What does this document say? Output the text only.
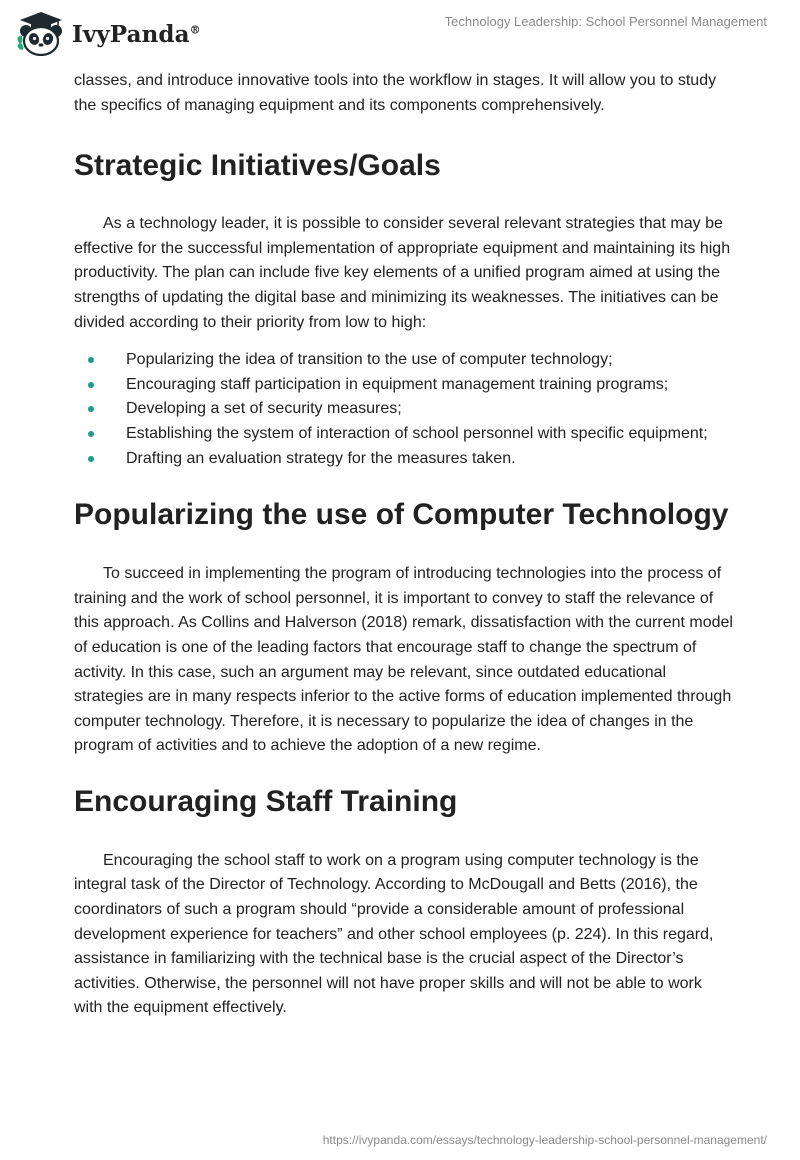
IvyPanda®
Technology Leadership: School Personnel Management

classes, and introduce innovative tools into the workflow in stages. It will allow you to study the specifics of managing equipment and its components comprehensively.

Strategic Initiatives/Goals

As a technology leader, it is possible to consider several relevant strategies that may be effective for the successful implementation of appropriate equipment and maintaining its high productivity. The plan can include five key elements of a unified program aimed at using the strengths of updating the digital base and minimizing its weaknesses. The initiatives can be divided according to their priority from low to high:

Popularizing the idea of transition to the use of computer technology;
Encouraging staff participation in equipment management training programs;
Developing a set of security measures;
Establishing the system of interaction of school personnel with specific equipment;
Drafting an evaluation strategy for the measures taken.
Popularizing the use of Computer Technology

To succeed in implementing the program of introducing technologies into the process of training and the work of school personnel, it is important to convey to staff the relevance of this approach. As Collins and Halverson (2018) remark, dissatisfaction with the current model of education is one of the leading factors that encourage staff to change the spectrum of activity. In this case, such an argument may be relevant, since outdated educational strategies are in many respects inferior to the active forms of education implemented through computer technology. Therefore, it is necessary to popularize the idea of changes in the program of activities and to achieve the adoption of a new regime.

Encouraging Staff Training

Encouraging the school staff to work on a program using computer technology is the integral task of the Director of Technology. According to McDougall and Betts (2016), the coordinators of such a program should “provide a considerable amount of professional development experience for teachers” and other school employees (p. 224). In this regard, assistance in familiarizing with the technical base is the crucial aspect of the Director’s activities. Otherwise, the personnel will not have proper skills and will not be able to work with the equipment effectively.

https://ivypanda.com/essays/technology-leadership-school-personnel-management/
